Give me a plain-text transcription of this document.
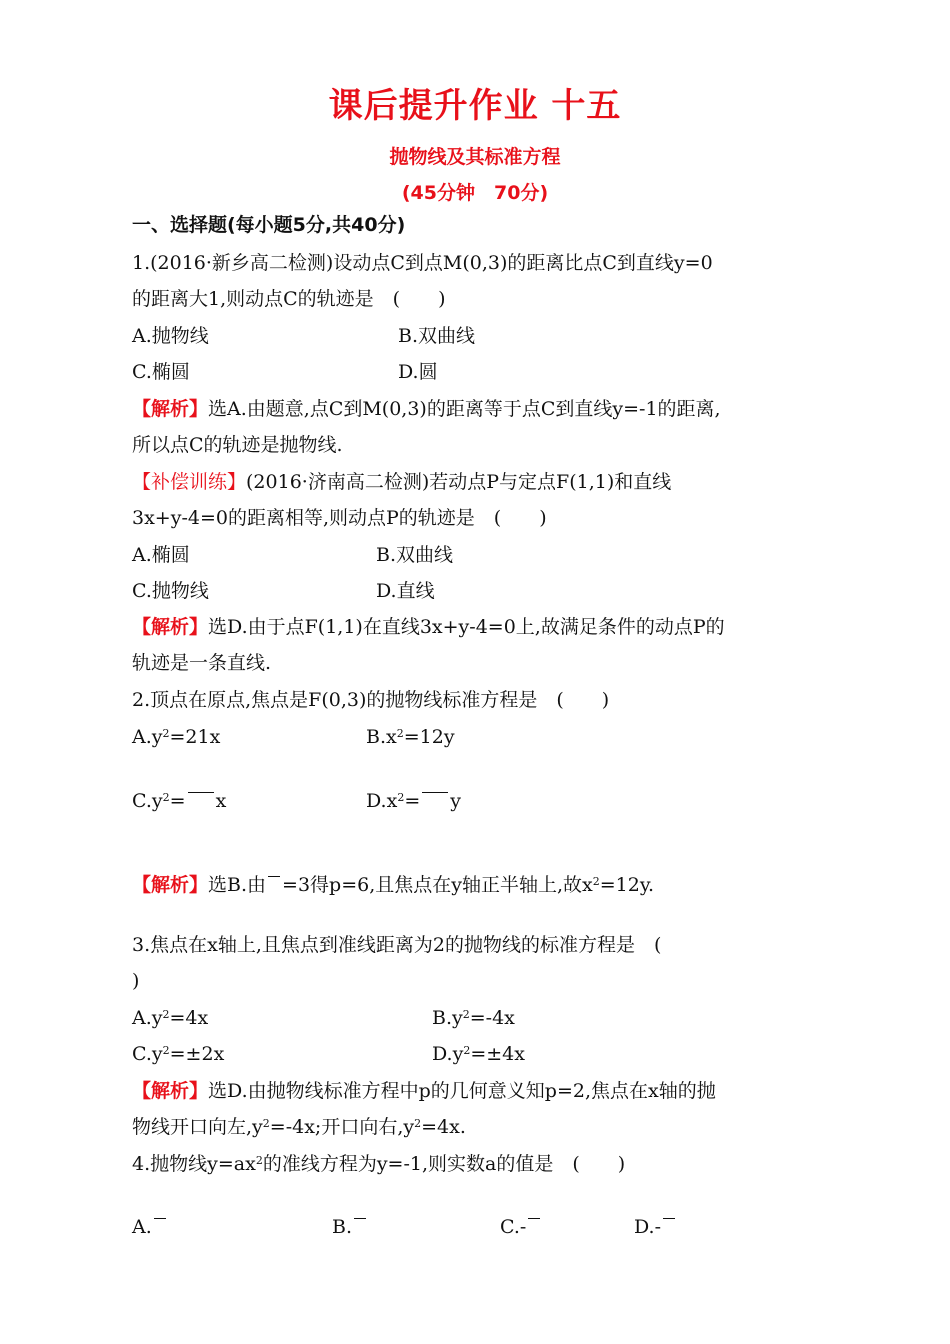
课后提升作业 十五
抛物线及其标准方程
(45分钟　70分)
一、选择题(每小题5分,共40分)
1.(2016·新乡高二检测)设动点C到点M(0,3)的距离比点C到直线y=0
的距离大1,则动点C的轨迹是　(　　)
A.抛物线	B.双曲线
C.椭圆	D.圆
【解析】选A.由题意,点C到M(0,3)的距离等于点C到直线y=-1的距离,
所以点C的轨迹是抛物线.
【补偿训练】(2016·济南高二检测)若动点P与定点F(1,1)和直线
3x+y-4=0的距离相等,则动点P的轨迹是　(　　)
A.椭圆	B.双曲线
C.抛物线	D.直线
【解析】选D.由于点F(1,1)在直线3x+y-4=0上,故满足条件的动点P的
轨迹是一条直线.
2.顶点在原点,焦点是F(0,3)的抛物线标准方程是　(　　)
$A.y^2=21x$	$B.x^2=12y$
$C.y^2= x$	$D.x^2= y$
【解析】选B.由 =3得p=6,且焦点在y轴正半轴上,故$x^2=12y$.
3.焦点在x轴上,且焦点到准线距离为2的抛物线的标准方程是　(
)
$A.y^2=4x$	$B.y^2=-4x$
$C.y^2=\pm 2x$	$D.y^2=\pm 4x$
【解析】选D.由抛物线标准方程中p的几何意义知p=2,焦点在x轴的抛
物线开口向左$,y^2=-4x$;开口向右$,y^2=4x$.
4.抛物线$y=ax^2$的准线方程为y=-1,则实数a的值是　(　　)
A.	B.	C.-	D.-
